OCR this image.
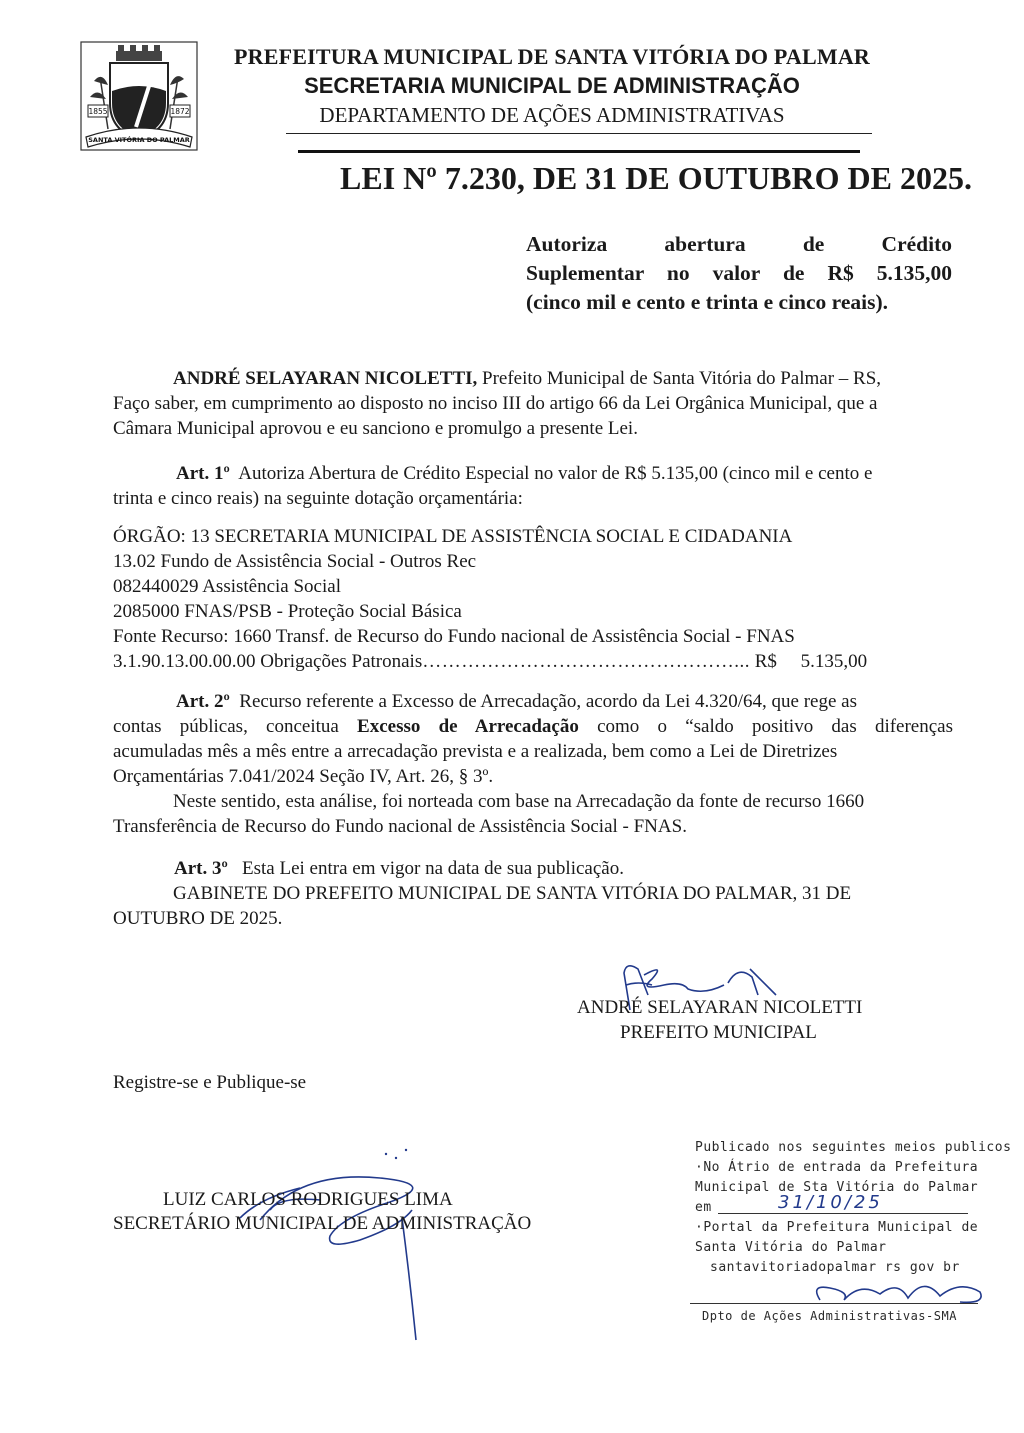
SANTA VITÓRIA DO PALMAR
1855	1872
PREFEITURA MUNICIPAL DE SANTA VITÓRIA DO PALMAR
SECRETARIA MUNICIPAL DE ADMINISTRAÇÃO
DEPARTAMENTO DE AÇÕES ADMINISTRATIVAS
LEI Nº 7.230, DE 31 DE OUTUBRO DE 2025.
Autoriza abertura de Crédito
Suplementar no valor de R$ 5.135,00
(cinco mil e cento e trinta e cinco reais).
ANDRÉ SELAYARAN NICOLETTI, Prefeito Municipal de Santa Vitória do Palmar – RS,
Faço saber, em cumprimento ao disposto no inciso III do artigo 66 da Lei Orgânica Municipal, que a
Câmara Municipal aprovou e eu sanciono e promulgo a presente Lei.
Art. 1º Autoriza Abertura de Crédito Especial no valor de R$ 5.135,00 (cinco mil e cento e
trinta e cinco reais) na seguinte dotação orçamentária:
ÓRGÃO: 13 SECRETARIA MUNICIPAL DE ASSISTÊNCIA SOCIAL E CIDADANIA
13.02 Fundo de Assistência Social - Outros Rec
082440029 Assistência Social
2085000 FNAS/PSB - Proteção Social Básica
Fonte Recurso: 1660 Transf. de Recurso do Fundo nacional de Assistência Social - FNAS
3.1.90.13.00.00.00 Obrigações Patronais…………………………………………... R$ 5.135,00
Art. 2º Recurso referente a Excesso de Arrecadação, acordo da Lei 4.320/64, que rege as
contas públicas, conceitua Excesso de Arrecadação como o “saldo positivo das diferenças
acumuladas mês a mês entre a arrecadação prevista e a realizada, bem como a Lei de Diretrizes
Orçamentárias 7.041/2024 Seção IV, Art. 26, § 3º.
Neste sentido, esta análise, foi norteada com base na Arrecadação da fonte de recurso 1660
Transferência de Recurso do Fundo nacional de Assistência Social - FNAS.
Art. 3º Esta Lei entra em vigor na data de sua publicação.
GABINETE DO PREFEITO MUNICIPAL DE SANTA VITÓRIA DO PALMAR, 31 DE
OUTUBRO DE 2025.
ANDRÉ SELAYARAN NICOLETTI
PREFEITO MUNICIPAL
Registre-se e Publique-se
LUIZ CARLOS RODRIGUES LIMA
SECRETÁRIO MUNICIPAL DE ADMINISTRAÇÃO
Publicado nos seguintes meios publicos
·No Átrio de entrada da Prefeitura
Municipal de Sta Vitória do Palmar
em	31/10/25
·Portal da Prefeitura Municipal de
Santa Vitória do Palmar
santavitoriadopalmar rs gov br
Dpto de Ações Administrativas-SMA
